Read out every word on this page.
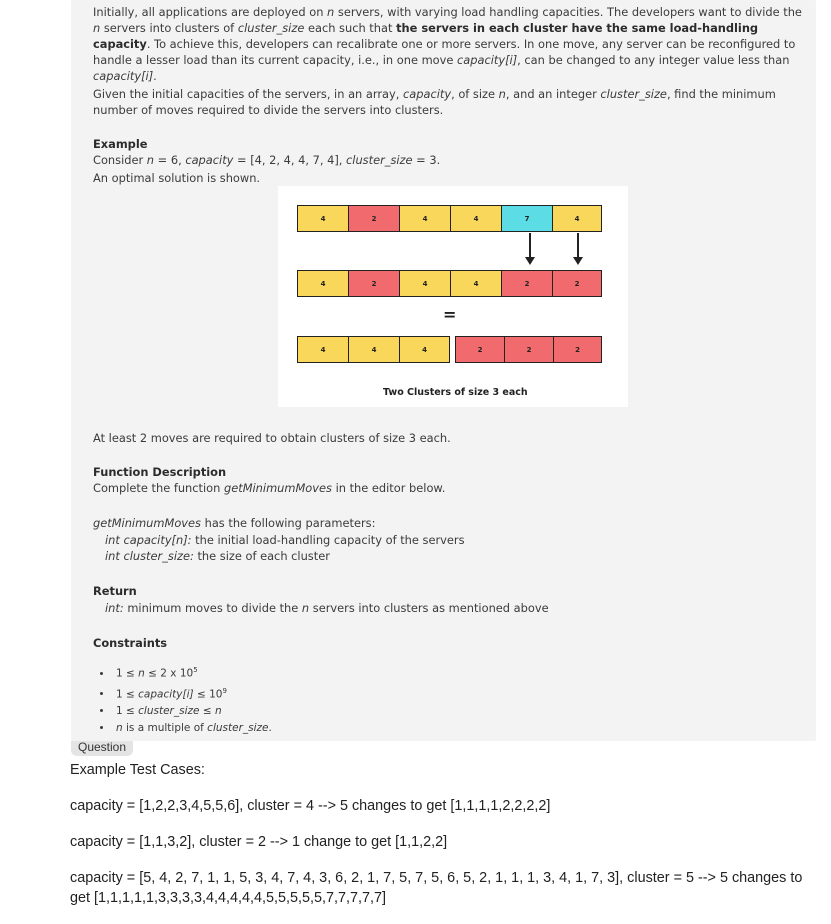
Initially, all applications are deployed on n servers, with varying load handling capacities. The developers want to divide the n servers into clusters of cluster_size each such that the servers in each cluster have the same load-handling capacity. To achieve this, developers can recalibrate one or more servers. In one move, any server can be reconfigured to handle a lesser load than its current capacity, i.e., in one move capacity[i], can be changed to any integer value less than capacity[i].
Given the initial capacities of the servers, in an array, capacity, of size n, and an integer cluster_size, find the minimum number of moves required to divide the servers into clusters.
Example
Consider n = 6, capacity = [4, 2, 4, 4, 7, 4], cluster_size = 3.
An optimal solution is shown.
4	2	4	4	7	4
4	2	4	4	2	2
=
4	4	4	2	2	2
Two Clusters of size 3 each
At least 2 moves are required to obtain clusters of size 3 each.
Function Description
Complete the function getMinimumMoves in the editor below.
getMinimumMoves has the following parameters:
int capacity[n]: the initial load-handling capacity of the servers
int cluster_size: the size of each cluster
Return
int: minimum moves to divide the n servers into clusters as mentioned above
Constraints
• 1 ≤ n ≤ 2 x $10^5$
• 1 ≤ capacity[i] ≤ $10^9$
• 1 ≤ cluster_size ≤ n
• n is a multiple of cluster_size.
Question
Example Test Cases:
capacity = [1,2,2,3,4,5,5,6], cluster = 4 --> 5 changes to get [1,1,1,1,2,2,2,2]
capacity = [1,1,3,2], cluster = 2 --> 1 change to get [1,1,2,2]
capacity = [5, 4, 2, 7, 1, 1, 5, 3, 4, 7, 4, 3, 6, 2, 1, 7, 5, 7, 5, 6, 5, 2, 1, 1, 1, 3, 4, 1, 7, 3], cluster = 5 --> 5 changes to
get [1,1,1,1,1,3,3,3,3,4,4,4,4,4,5,5,5,5,5,7,7,7,7,7]
